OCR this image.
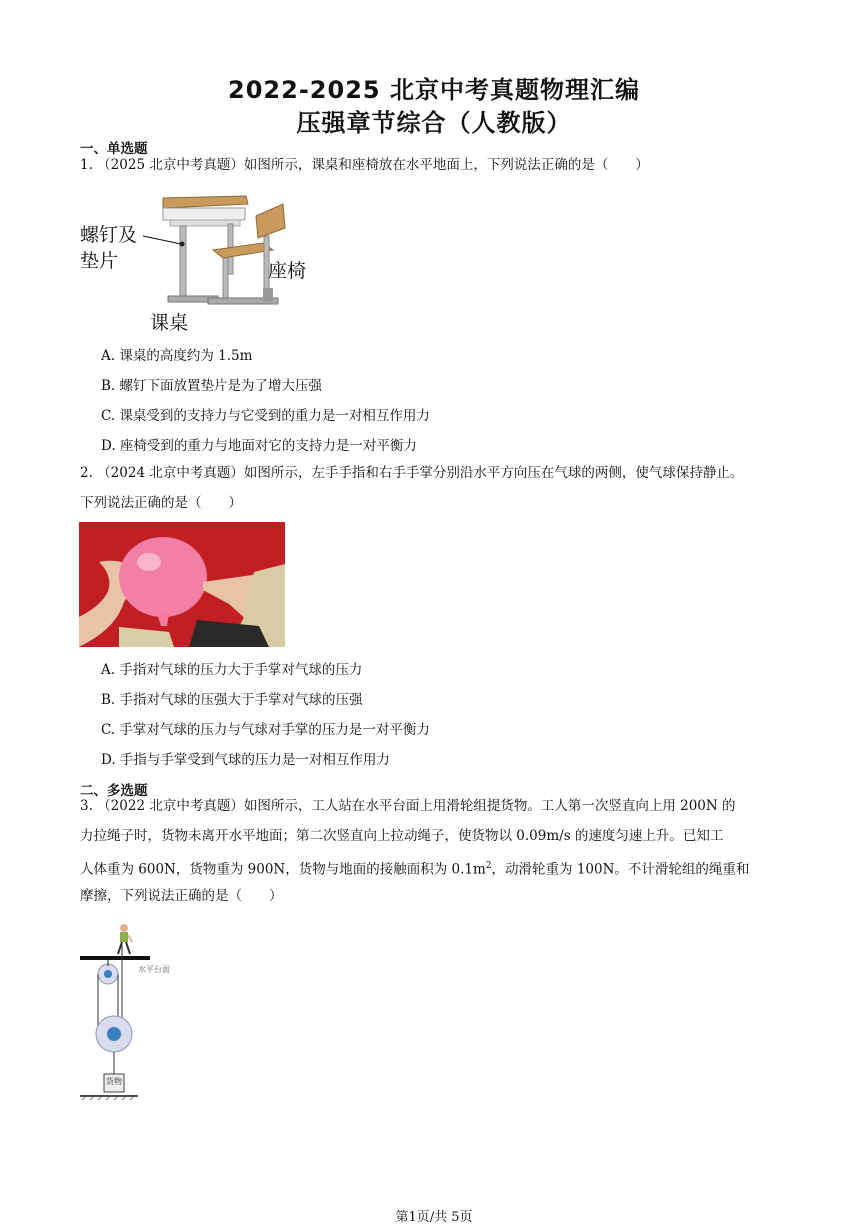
2022-2025 北京中考真题物理汇编
压强章节综合（人教版）
一、单选题
1. （2025 北京中考真题）如图所示，课桌和座椅放在水平地面上，下列说法正确的是（　　）
螺钉及
垫片	座椅
课桌
A. 课桌的高度约为 1.5m
B. 螺钉下面放置垫片是为了增大压强
C. 课桌受到的支持力与它受到的重力是一对相互作用力
D. 座椅受到的重力与地面对它的支持力是一对平衡力
2. （2024 北京中考真题）如图所示，左手手指和右手手掌分别沿水平方向压在气球的两侧，使气球保持静止。
下列说法正确的是（　　）
A. 手指对气球的压力大于手掌对气球的压力
B. 手指对气球的压强大于手掌对气球的压强
C. 手掌对气球的压力与气球对手掌的压力是一对平衡力
D. 手指与手掌受到气球的压力是一对相互作用力
二、多选题
3. （2022 北京中考真题）如图所示，工人站在水平台面上用滑轮组提货物。工人第一次竖直向上用 200N 的
力拉绳子时，货物未离开水平地面；第二次竖直向上拉动绳子，使货物以 0.09m/s 的速度匀速上升。已知工
人体重为 600N，货物重为 900N，货物与地面的接触面积为 $0.1m^2$，动滑轮重为 100N。不计滑轮组的绳重和
摩擦，下列说法正确的是（　　）
水平台面
货物
第1页/共 5页
